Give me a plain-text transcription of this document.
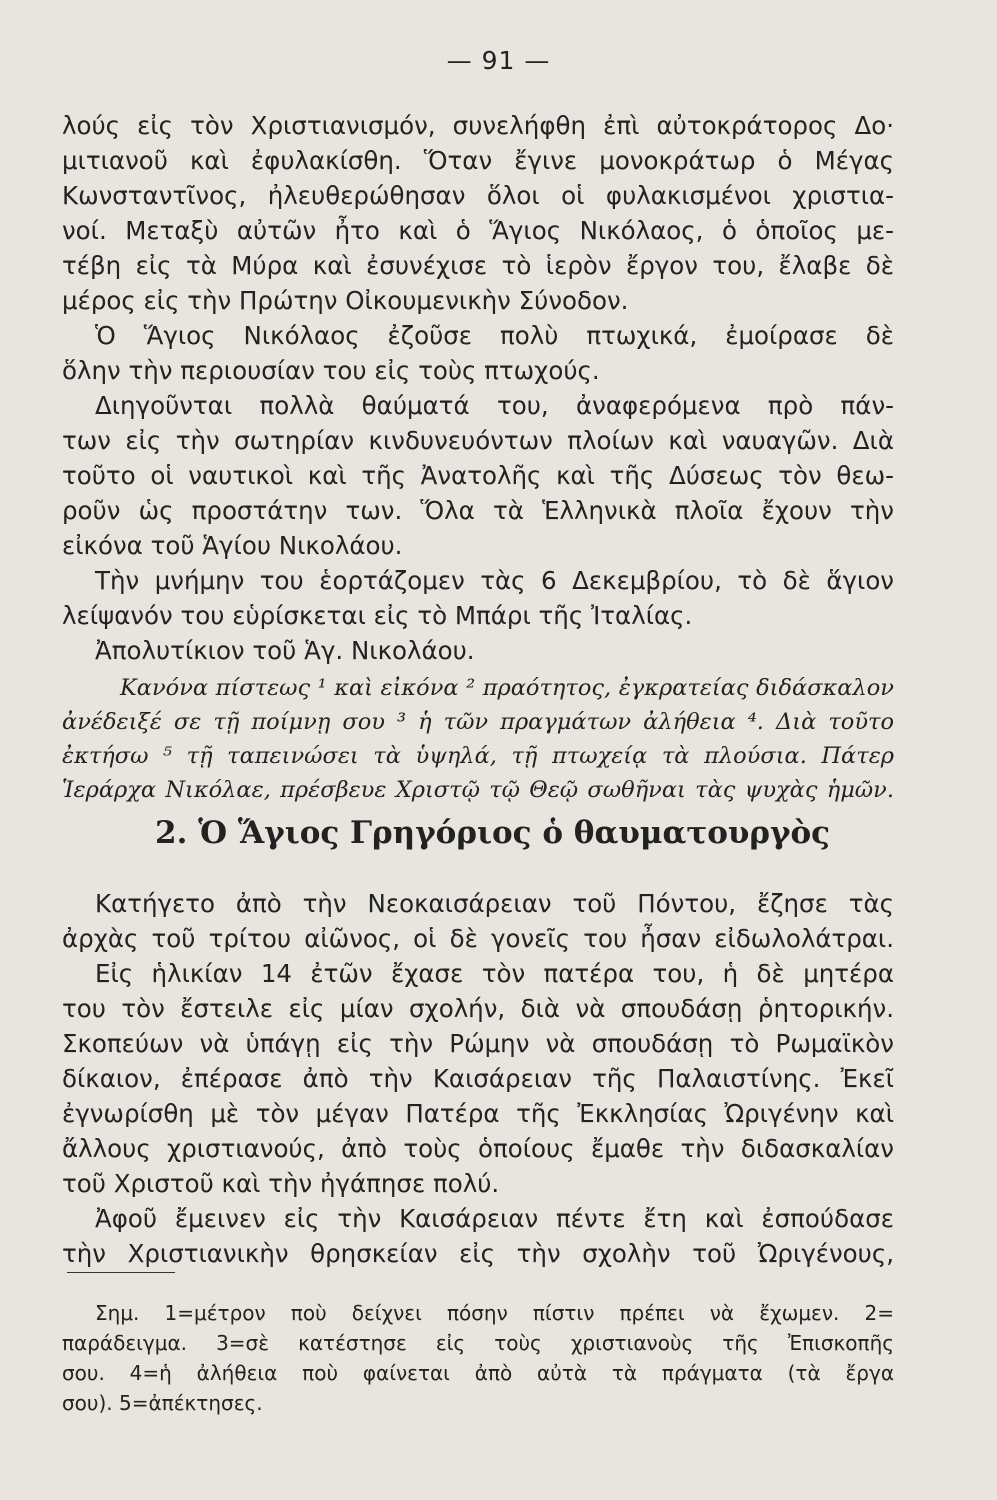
— 91 —
λούς εἰς τὸν Χριστιανισμόν, συνελήφθη ἐπὶ αὐτοκράτορος Δο·
μιτιανοῦ καὶ ἐφυλακίσθη. Ὅταν ἔγινε μονοκράτωρ ὁ Μέγας
Κωνσταντῖνος, ἠλευθερώθησαν ὅλοι οἱ φυλακισμένοι χριστια-
νοί. Μεταξὺ αὐτῶν ἦτο καὶ ὁ Ἅγιος Νικόλαος, ὁ ὁποῖος με-
τέβη εἰς τὰ Μύρα καὶ ἐσυνέχισε τὸ ἱερὸν ἔργον του, ἔλαβε δὲ
μέρος εἰς τὴν Πρώτην Οἰκουμενικὴν Σύνοδον.
Ὁ Ἅγιος Νικόλαος ἐζοῦσε πολὺ πτωχικά, ἐμοίρασε δὲ
ὅλην τὴν περιουσίαν του εἰς τοὺς πτωχούς.
Διηγοῦνται πολλὰ θαύματά του, ἀναφερόμενα πρὸ πάν-
των εἰς τὴν σωτηρίαν κινδυνευόντων πλοίων καὶ ναυαγῶν. Διὰ
τοῦτο οἱ ναυτικοὶ καὶ τῆς Ἀνατολῆς καὶ τῆς Δύσεως τὸν θεω-
ροῦν ὡς προστάτην των. Ὅλα τὰ Ἑλληνικὰ πλοῖα ἔχουν τὴν
εἰκόνα τοῦ Ἁγίου Νικολάου.
Τὴν μνήμην του ἑορτάζομεν τὰς 6 Δεκεμβρίου, τὸ δὲ ἅγιον
λείψανόν του εὑρίσκεται εἰς τὸ Μπάρι τῆς Ἰταλίας.
Ἀπολυτίκιον τοῦ Ἁγ. Νικολάου.
Κανόνα πίστεως ¹ καὶ εἰκόνα ² πραότητος, ἐγκρατείας διδάσκαλον
ἀνέδειξέ σε τῇ ποίμνῃ σου ³ ἡ τῶν πραγμάτων ἀλήθεια ⁴. Διὰ τοῦτο
ἐκτήσω ⁵ τῇ ταπεινώσει τὰ ὑψηλά, τῇ πτωχείᾳ τὰ πλούσια. Πάτερ
Ἱεράρχα Νικόλαε, πρέσβευε Χριστῷ τῷ Θεῷ σωθῆναι τὰς ψυχὰς ἡμῶν.
2. Ὁ Ἅγιος Γρηγόριος ὁ θαυματουργὸς
Κατήγετο ἀπὸ τὴν Νεοκαισάρειαν τοῦ Πόντου, ἔζησε τὰς
ἀρχὰς τοῦ τρίτου αἰῶνος, οἱ δὲ γονεῖς του ἦσαν εἰδωλολάτραι.
Εἰς ἡλικίαν 14 ἐτῶν ἔχασε τὸν πατέρα του, ἡ δὲ μητέρα
του τὸν ἔστειλε εἰς μίαν σχολήν, διὰ νὰ σπουδάσῃ ῥητορικήν.
Σκοπεύων νὰ ὑπάγῃ εἰς τὴν Ρώμην νὰ σπουδάσῃ τὸ Ρωμαϊκὸν
δίκαιον, ἐπέρασε ἀπὸ τὴν Καισάρειαν τῆς Παλαιστίνης. Ἐκεῖ
ἐγνωρίσθη μὲ τὸν μέγαν Πατέρα τῆς Ἐκκλησίας Ὠριγένην καὶ
ἄλλους χριστιανούς, ἀπὸ τοὺς ὁποίους ἔμαθε τὴν διδασκαλίαν
τοῦ Χριστοῦ καὶ τὴν ἠγάπησε πολύ.
Ἀφοῦ ἔμεινεν εἰς τὴν Καισάρειαν πέντε ἔτη καὶ ἐσπούδασε
τὴν Χριστιανικὴν θρησκείαν εἰς τὴν σχολὴν τοῦ Ὠριγένους,
Σημ. 1=μέτρον ποὺ δείχνει πόσην πίστιν πρέπει νὰ ἔχωμεν. 2=
παράδειγμα. 3=σὲ κατέστησε εἰς τοὺς χριστιανοὺς τῆς Ἐπισκοπῆς
σου. 4=ἡ ἀλήθεια ποὺ φαίνεται ἀπὸ αὐτὰ τὰ πράγματα (τὰ ἔργα
σου). 5=ἀπέκτησες.
